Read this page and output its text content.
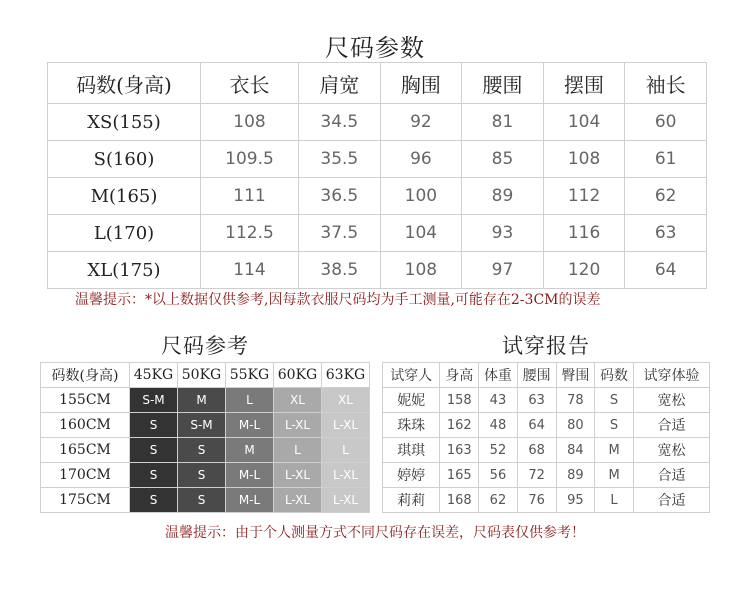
尺码参数
码数(身高)	衣长	肩宽	胸围	腰围	摆围	袖长
XS(155)	108	34.5	92	81	104	60
S(160)	109.5	35.5	96	85	108	61
M(165)	111	36.5	100	89	112	62
L(170)	112.5	37.5	104	93	116	63
XL(175)	114	38.5	108	97	120	64
温馨提示：*以上数据仅供参考,因每款衣服尺码均为手工测量,可能存在2-3CM的误差
尺码参考	试穿报告
码数(身高)	45KG	50KG	55KG	60KG	63KG
155CM	S-M	M	L	XL	XL
160CM	S	S-M	M-L	L-XL	L-XL
165CM	S	S	M	L	L
170CM	S	S	M-L	L-XL	L-XL
175CM	S	S	M-L	L-XL	L-XL
试穿人	身高	体重	腰围	臀围	码数	试穿体验
妮妮	158	43	63	78	S	宽松
珠珠	162	48	64	80	S	合适
琪琪	163	52	68	84	M	宽松
婷婷	165	56	72	89	M	合适
莉莉	168	62	76	95	L	合适
温馨提示：由于个人测量方式不同尺码存在误差，尺码表仅供参考！
